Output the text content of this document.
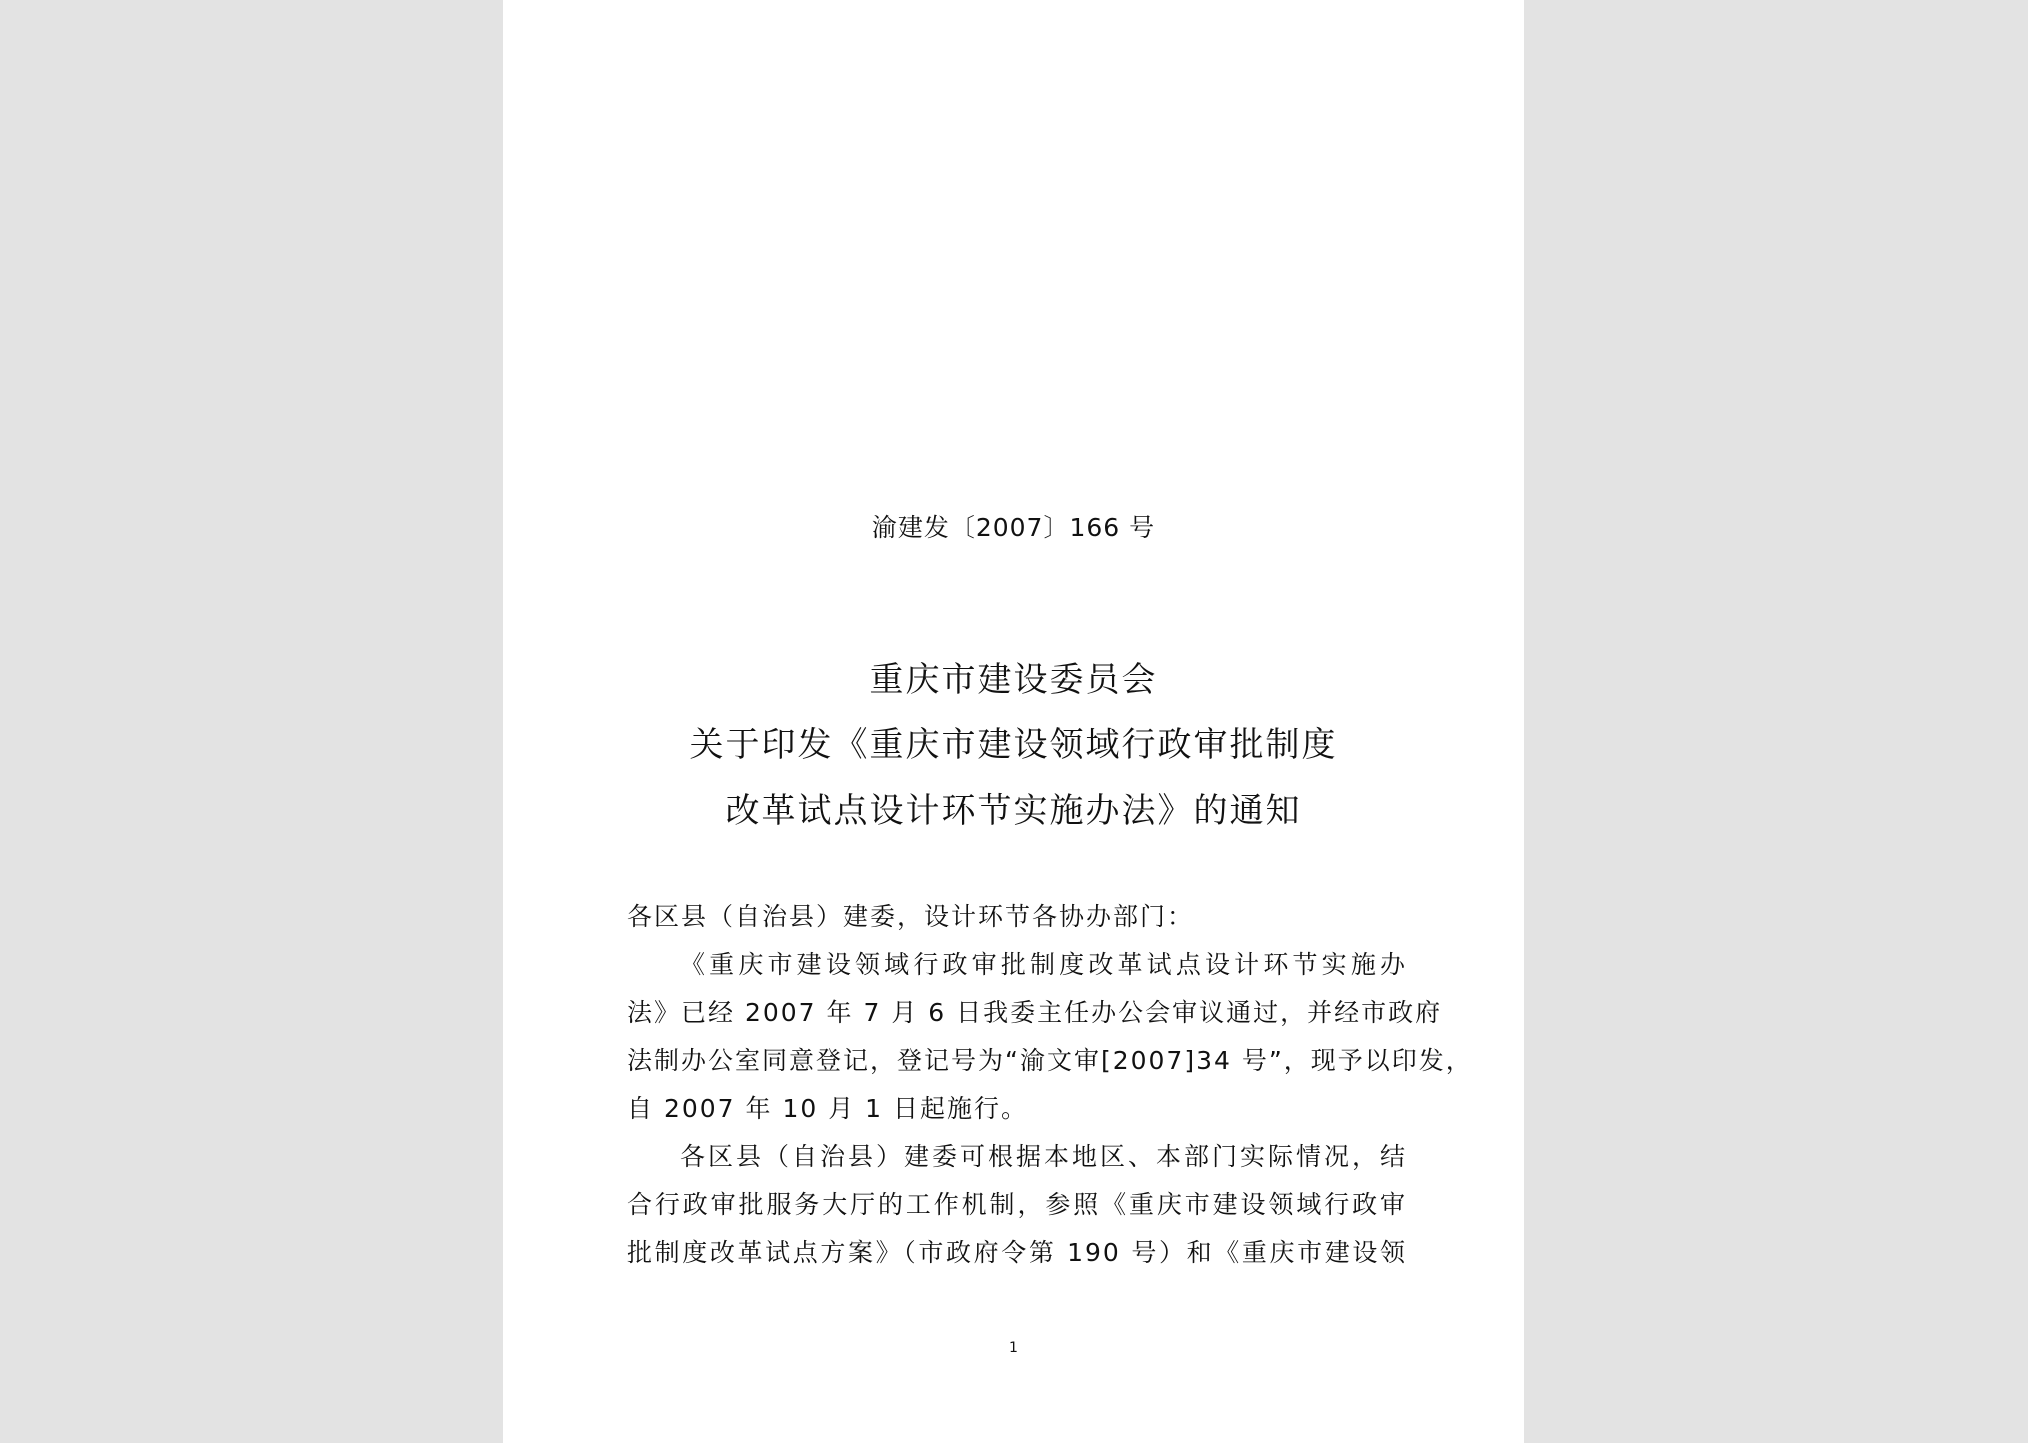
渝建发〔2007〕166 号
重庆市建设委员会
关于印发《重庆市建设领域行政审批制度
改革试点设计环节实施办法》的通知
各区县（自治县）建委，设计环节各协办部门：
《重庆市建设领域行政审批制度改革试点设计环节实施办
法》已经 2007 年 7 月 6 日我委主任办公会审议通过，并经市政府
法制办公室同意登记，登记号为“渝文审[2007]34 号”，现予以印发，
自 2007 年 10 月 1 日起施行。
各区县（自治县）建委可根据本地区、本部门实际情况，结
合行政审批服务大厅的工作机制，参照《重庆市建设领域行政审
批制度改革试点方案》（市政府令第 190 号）和《重庆市建设领
1
